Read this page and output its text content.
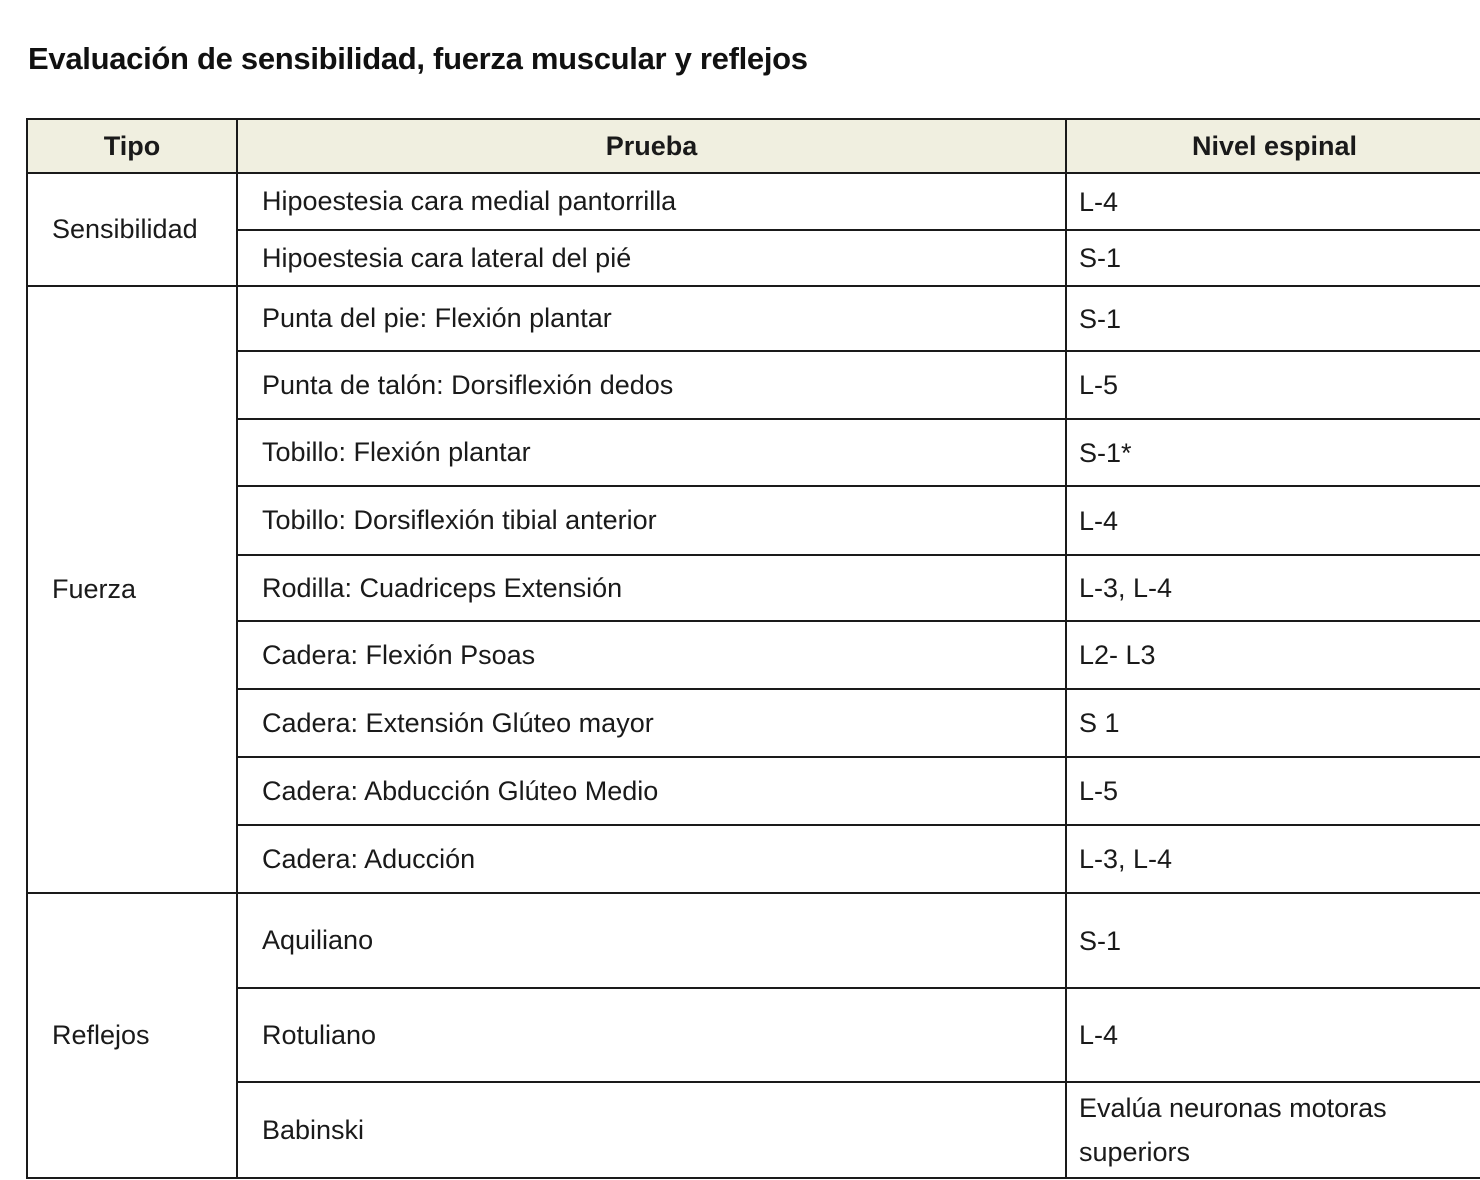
Evaluación de sensibilidad, fuerza muscular y reflejos
Tipo	Prueba	Nivel espinal
Sensibilidad	Hipoestesia cara medial pantorrilla	L-4
	Hipoestesia cara lateral del pié	S-1
Fuerza	Punta del pie: Flexión plantar	S-1
	Punta de talón: Dorsiflexión dedos	L-5
	Tobillo: Flexión plantar	S-1*
	Tobillo: Dorsiflexión tibial anterior	L-4
	Rodilla: Cuadriceps Extensión	L-3, L-4
	Cadera: Flexión Psoas	L2- L3
	Cadera: Extensión Glúteo mayor	S 1
	Cadera: Abducción Glúteo Medio	L-5
	Cadera: Aducción	L-3, L-4
Reflejos	Aquiliano	S-1
	Rotuliano	L-4
	Babinski	Evalúa neuronas motoras superiors
